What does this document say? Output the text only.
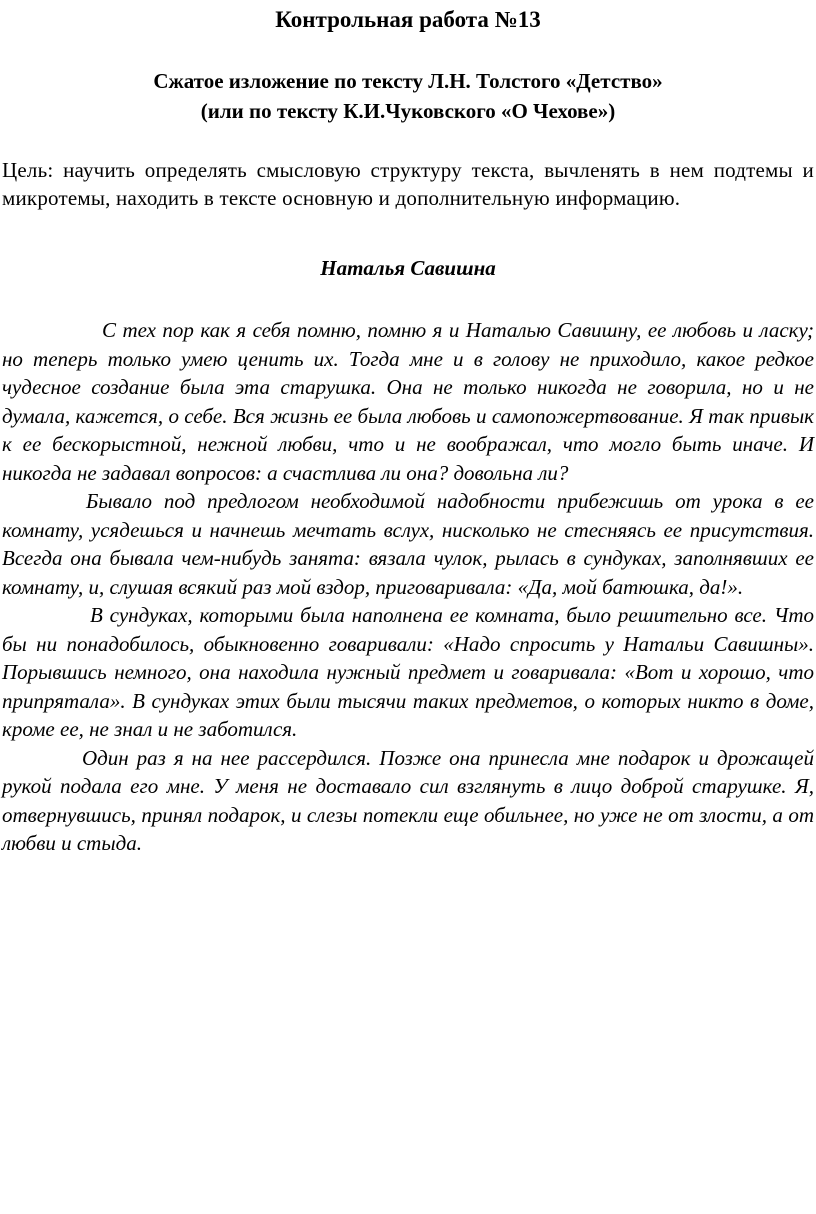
Контрольная работа №13
Сжатое изложение по тексту Л.Н. Толстого «Детство»
(или по тексту К.И.Чуковского «О Чехове»)

Цель: научить определять смысловую структуру текста, вычленять в нем подтемы и микротемы, находить в тексте основную и дополнительную информацию.

Наталья Савишна

С тех пор как я себя помню, помню я и Наталью Савишну, ее любовь и ласку; но теперь только умею ценить их. Тогда мне и в голову не приходило, какое редкое чудесное создание была эта старушка. Она не только никогда не говорила, но и не думала, кажется, о себе. Вся жизнь ее была любовь и самопожертвование. Я так привык к ее бескорыстной, нежной любви, что и не воображал, что могло быть иначе. И никогда не задавал вопросов: а счастлива ли она? довольна ли?

Бывало под предлогом необходимой надобности прибежишь от урока в ее комнату, усядешься и начнешь мечтать вслух, нисколько не стесняясь ее присутствия. Всегда она бывала чем-нибудь занята: вязала чулок, рылась в сундуках, заполнявших ее комнату, и, слушая всякий раз мой вздор, приговаривала: «Да, мой батюшка, да!».

В сундуках, которыми была наполнена ее комната, было решительно все. Что бы ни понадобилось, обыкновенно говаривали: «Надо спросить у Натальи Савишны». Порывшись немного, она находила нужный предмет и говаривала: «Вот и хорошо, что припрятала». В сундуках этих были тысячи таких предметов, о которых никто в доме, кроме ее, не знал и не заботился.

Один раз я на нее рассердился. Позже она принесла мне подарок и дрожащей рукой подала его мне. У меня не доставало сил взглянуть в лицо доброй старушке. Я, отвернувшись, принял подарок, и слезы потекли еще обильнее, но уже не от злости, а от любви и стыда.
